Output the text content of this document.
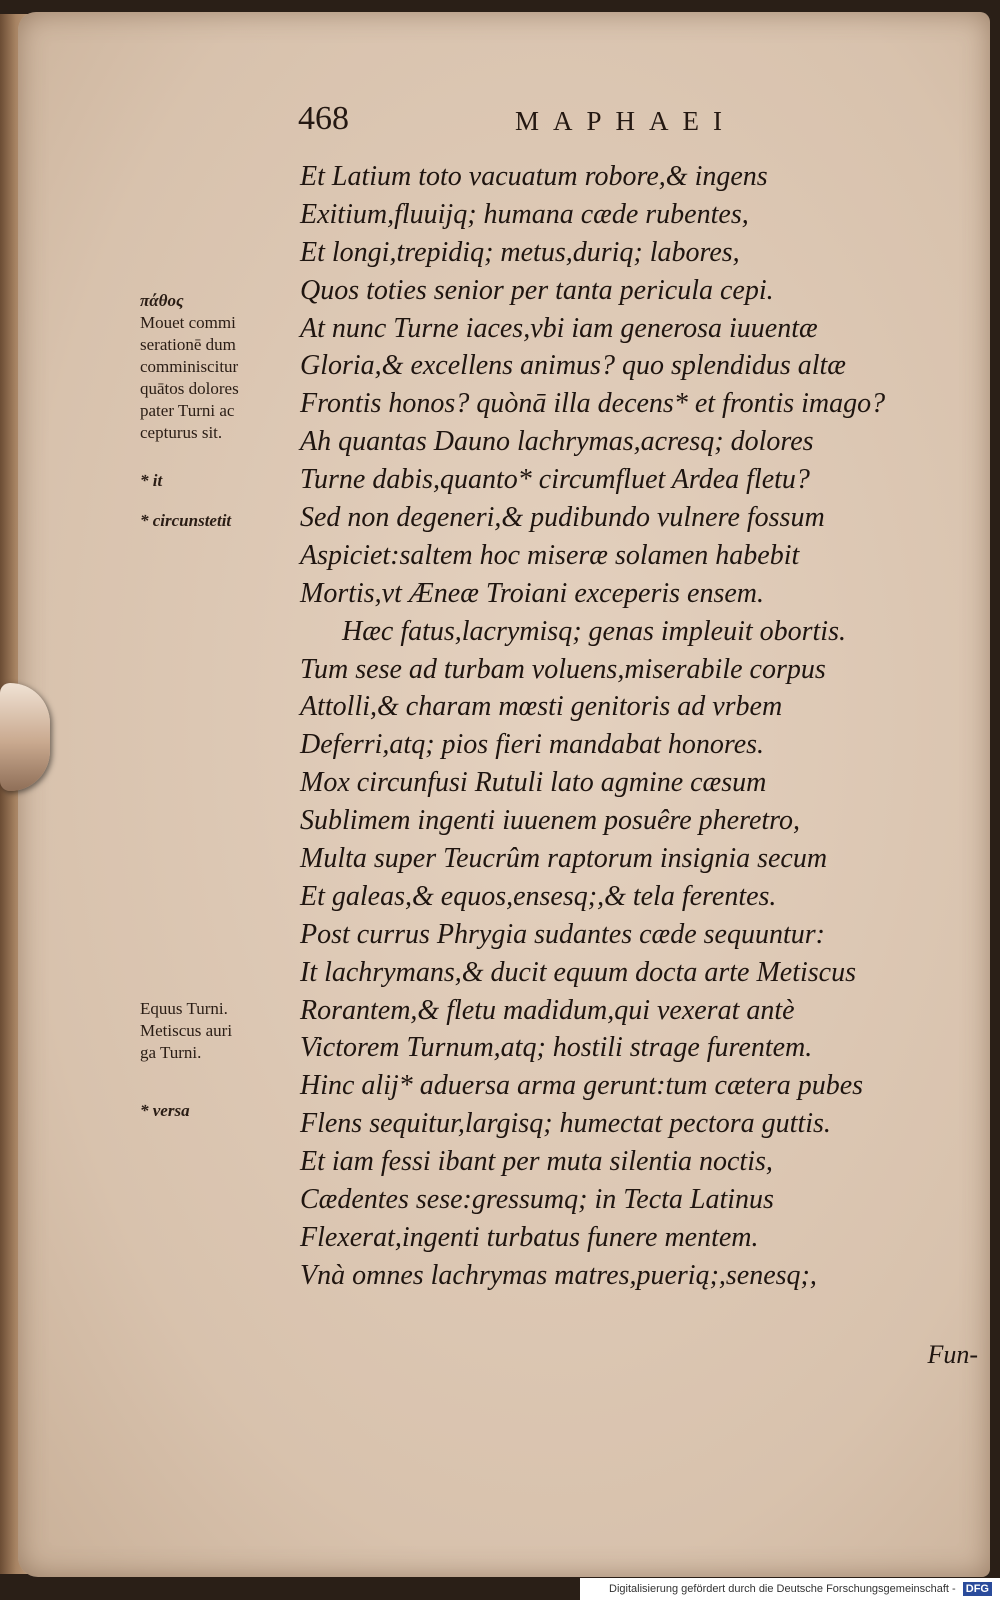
468	MAPHAEI
Et Latium toto vacuatum robore,& ingens
Exitium,fluuijq; humana cæde rubentes,
Et longi,trepidiq; metus,duriq; labores,
Quos toties senior per tanta pericula cepi.
At nunc Turne iaces,vbi iam generosa iuuentæ
Gloria,& excellens animus? quo splendidus altæ
Frontis honos? quònā illa decens* et frontis imago?
Ah quantas Dauno lachrymas,acresq; dolores
Turne dabis,quanto* circumfluet Ardea fletu?
Sed non degeneri,& pudibundo vulnere fossum
Aspiciet:saltem hoc miseræ solamen habebit
Mortis,vt Æneæ Troiani exceperis ensem.
Hæc fatus,lacrymisq; genas impleuit obortis.
Tum sese ad turbam voluens,miserabile corpus
Attolli,& charam mœsti genitoris ad vrbem
Deferri,atq; pios fieri mandabat honores.
Mox circunfusi Rutuli lato agmine cæsum
Sublimem ingenti iuuenem posuêre pheretro,
Multa super Teucrûm raptorum insignia secum
Et galeas,& equos,ensesq;,& tela ferentes.
Post currus Phrygia sudantes cæde sequuntur:
It lachrymans,& ducit equum docta arte Metiscus
Rorantem,& fletu madidum,qui vexerat antè
Victorem Turnum,atq; hostili strage furentem.
Hinc alij* aduersa arma gerunt:tum cætera pubes
Flens sequitur,largisq; humectat pectora guttis.
Et iam fessi ibant per muta silentia noctis,
Cædentes sese:gressumq; in Tecta Latinus
Flexerat,ingenti turbatus funere mentem.
Vnà omnes lachrymas matres,puerią;,senesq;,
Fun-
πάθος
Mouet commi
serationē dum
comminiscitur
quātos dolores
pater Turni ac
cepturus sit.
* it
* circunstetit
Equus Turni.
Metiscus auri
ga Turni.
* versa
Digitalisierung gefördert durch die Deutsche Forschungsgemeinschaft - DFG
